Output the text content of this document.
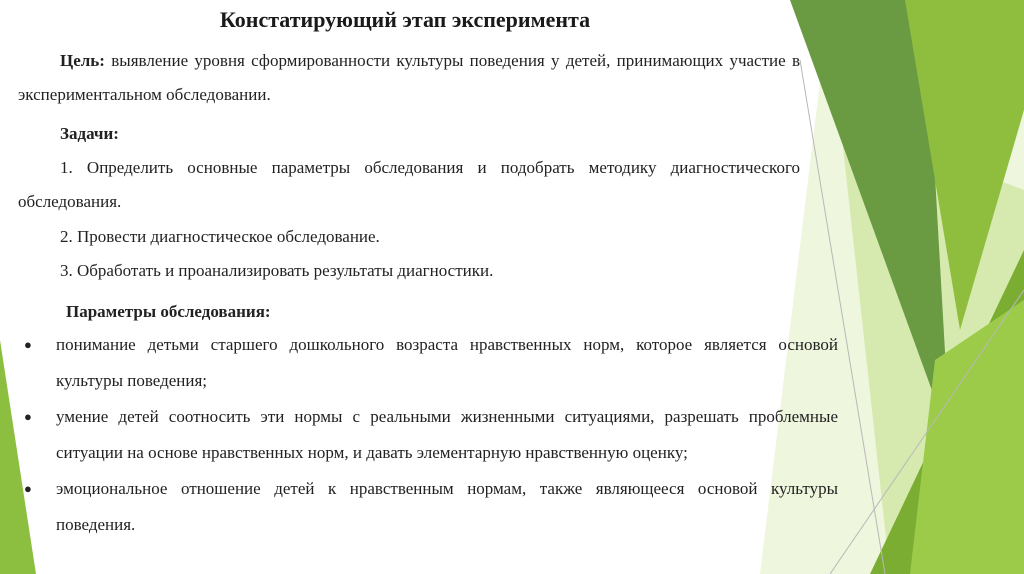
Констатирующий этап эксперимента
Цель: выявление уровня сформированности культуры поведения у детей, принимающих участие в экспериментальном обследовании.
Задачи:
1. Определить основные параметры обследования и подобрать методику диагностического обследования.
2. Провести диагностическое обследование.
3. Обработать и проанализировать результаты диагностики.
Параметры обследования:
● понимание детьми старшего дошкольного возраста нравственных норм, которое является основой культуры поведения;
● умение детей соотносить эти нормы с реальными жизненными ситуациями, разрешать проблемные ситуации на основе нравственных норм, и давать элементарную нравственную оценку;
● эмоциональное отношение детей к нравственным нормам, также являющееся основой культуры поведения.
